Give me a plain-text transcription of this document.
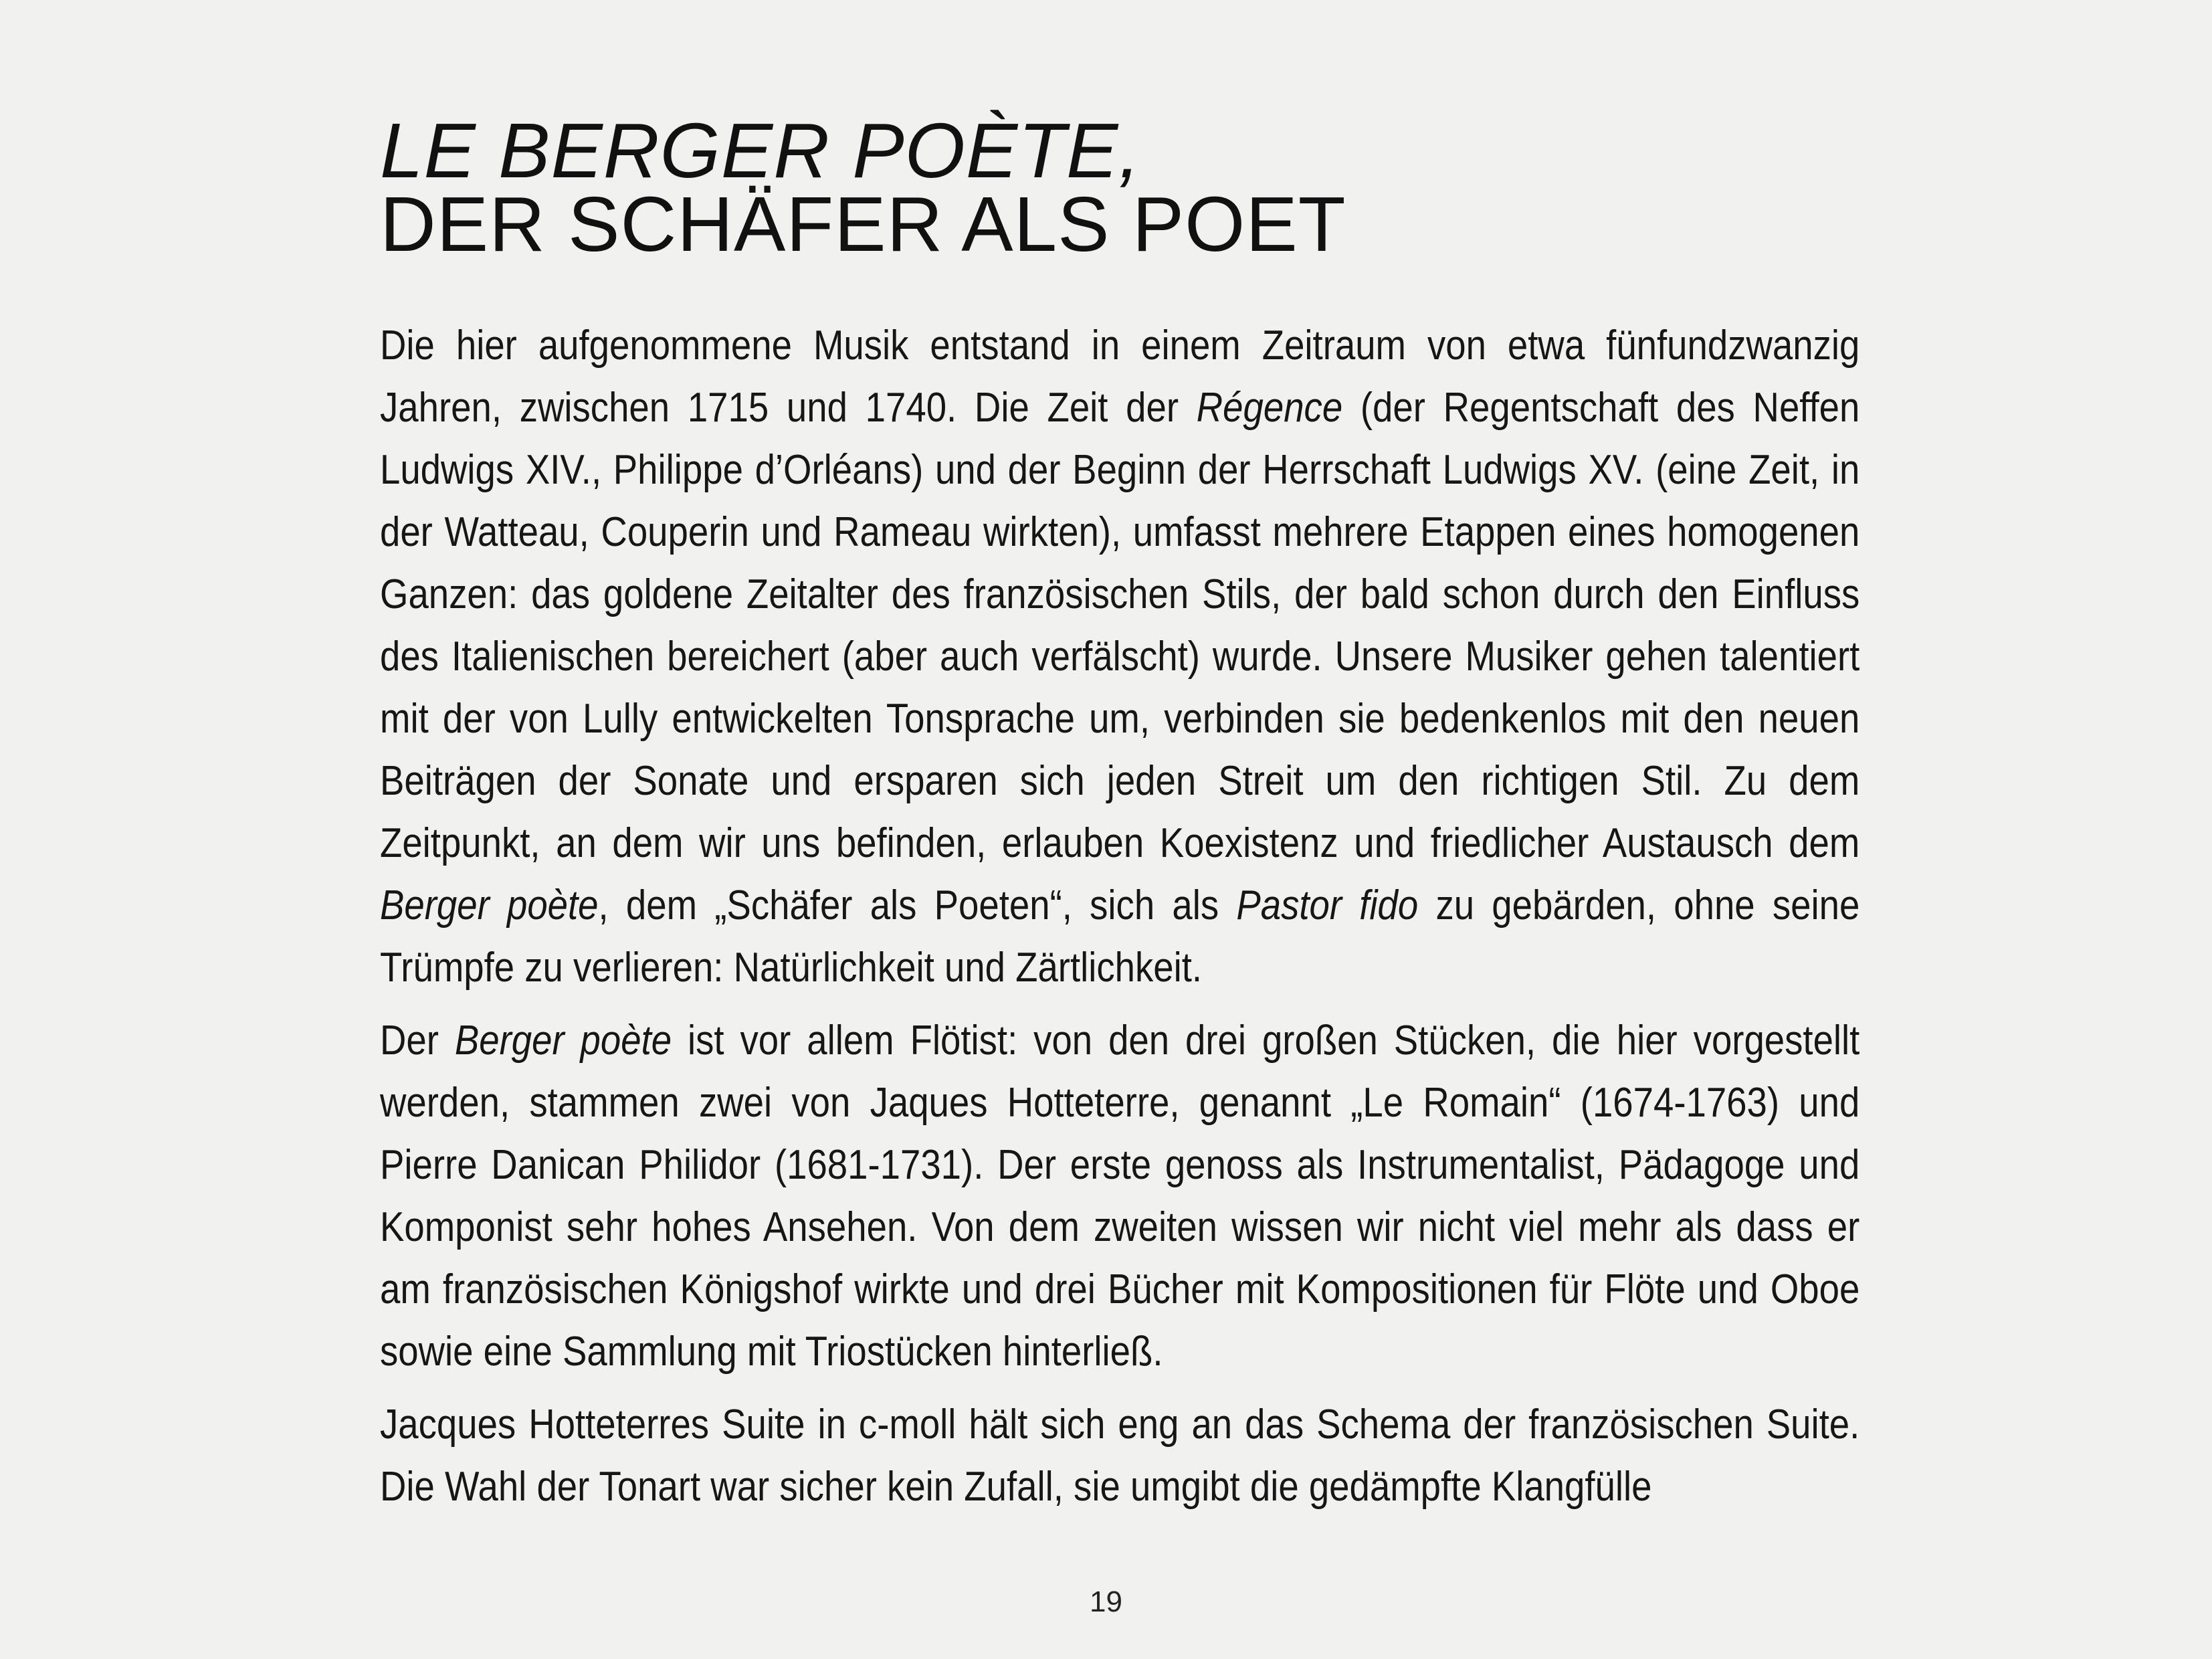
LE BERGER POÈTE,
DER SCHÄFER ALS POET

Die hier aufgenommene Musik entstand in einem Zeitraum von etwa fünfundzwanzig Jahren, zwischen 1715 und 1740. Die Zeit der Régence (der Regentschaft des Neffen Ludwigs XIV., Philippe d’Orléans) und der Beginn der Herrschaft Ludwigs XV. (eine Zeit, in der Watteau, Couperin und Rameau wirkten), umfasst mehrere Etappen eines homogenen Ganzen: das goldene Zeitalter des französischen Stils, der bald schon durch den Einfluss des Italienischen bereichert (aber auch verfälscht) wurde. Unsere Musiker gehen talentiert mit der von Lully entwickelten Tonsprache um, verbinden sie bedenkenlos mit den neuen Beiträgen der Sonate und ersparen sich jeden Streit um den richtigen Stil. Zu dem Zeitpunkt, an dem wir uns befinden, erlauben Koexistenz und friedlicher Austausch dem Berger poète, dem „Schäfer als Poeten“, sich als Pastor fido zu gebärden, ohne seine Trümpfe zu verlieren: Natürlichkeit und Zärtlichkeit.

Der Berger poète ist vor allem Flötist: von den drei großen Stücken, die hier vorgestellt werden, stammen zwei von Jaques Hotteterre, genannt „Le Romain“ (1674-1763) und Pierre Danican Philidor (1681-1731). Der erste genoss als Instrumentalist, Pädagoge und Komponist sehr hohes Ansehen. Von dem zweiten wissen wir nicht viel mehr als dass er am französischen Königshof wirkte und drei Bücher mit Kompositionen für Flöte und Oboe sowie eine Sammlung mit Triostücken hinterließ.

Jacques Hotteterres Suite in c-moll hält sich eng an das Schema der französischen Suite. Die Wahl der Tonart war sicher kein Zufall, sie umgibt die gedämpfte Klangfülle

19
